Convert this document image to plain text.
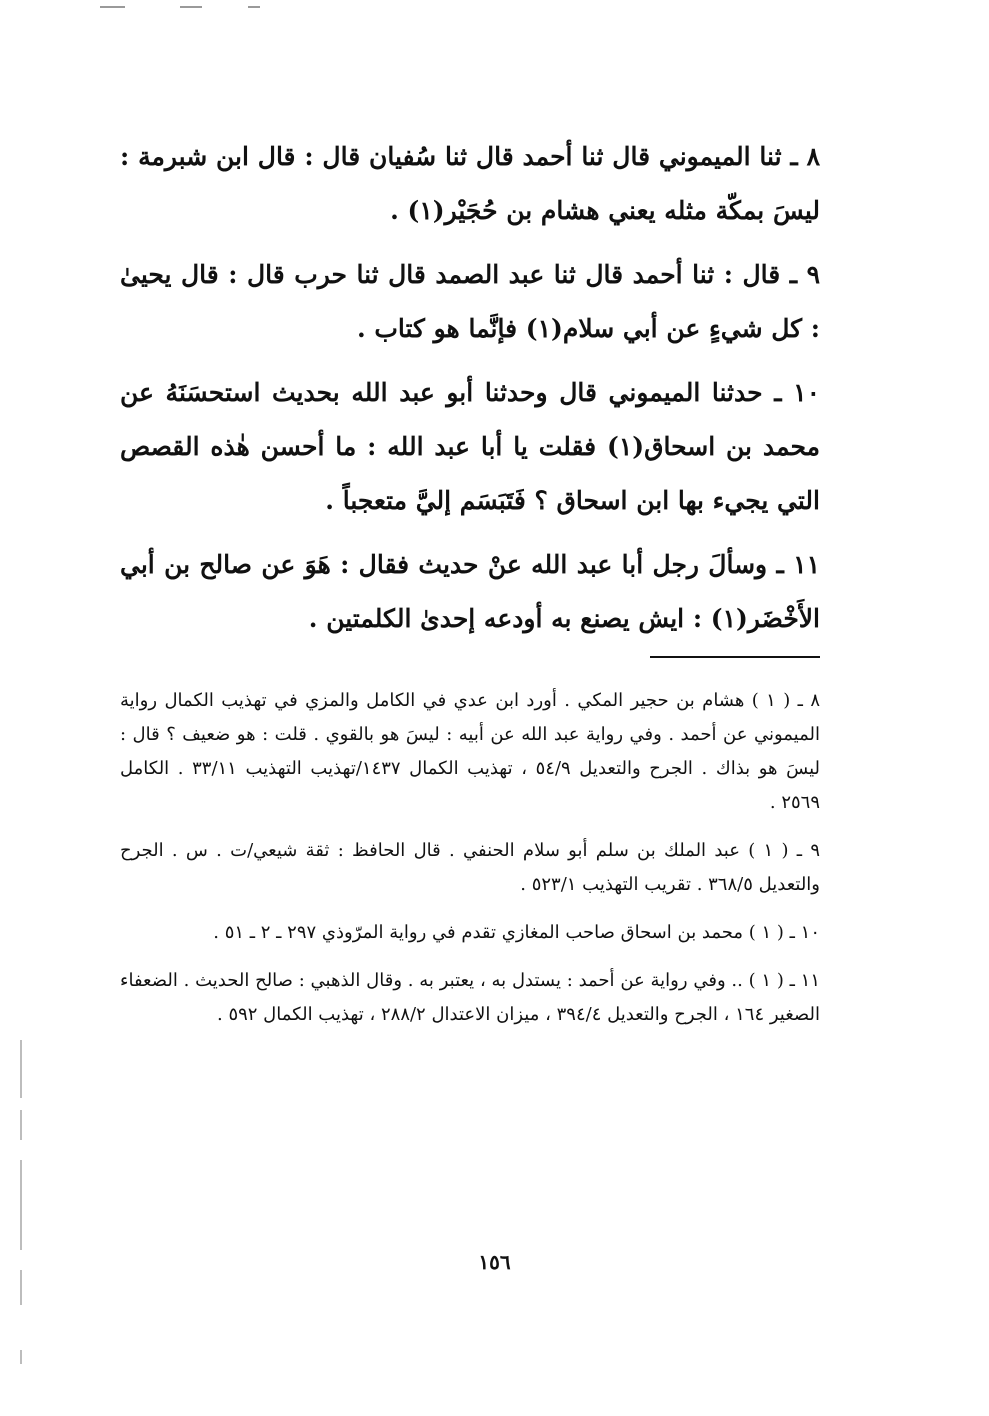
٨ ـ ثنا الميموني قال ثنا أحمد قال ثنا سُفيان قال : قال ابن شبرمة : ليسَ بمكّة مثله يعني هشام بن حُجَيْر(١) .

٩ ـ قال : ثنا أحمد قال ثنا عبد الصمد قال ثنا حرب قال : قال يحيىٰ : كل شيءٍ عن أبي سلام(١) فإنَّما هو كتاب .

١٠ ـ حدثنا الميموني قال وحدثنا أبو عبد الله بحديث استحسَنَهُ عن محمد بن اسحاق(١) فقلت يا أبا عبد الله : ما أحسن هٰذه القصص التي يجيء بها ابن اسحاق ؟ فَتَبَسَم إليَّ متعجباً .

١١ ـ وسألَ رجل أبا عبد الله عنْ حديث فقال : هَوَ عن صالح بن أبي الأَخْضَر(١) : ايش يصنع به أودعه إحدىٰ الكلمتين .

٨ ـ ( ١ ) هشام بن حجير المكي . أورد ابن عدي في الكامل والمزي في تهذيب الكمال رواية الميموني عن أحمد . وفي رواية عبد الله عن أبيه : ليسَ هو بالقوي . قلت : هو ضعيف ؟ قال : ليسَ هو بذاك . الجرح والتعديل ٥٤/٩ ، تهذيب الكمال ١٤٣٧/تهذيب التهذيب ٣٣/١١ . الكامل ٢٥٦٩ .

٩ ـ ( ١ ) عبد الملك بن سلم أبو سلام الحنفي . قال الحافظ : ثقة شيعي/ت . س . الجرح والتعديل ٣٦٨/٥ . تقريب التهذيب ٥٢٣/١ .

١٠ ـ ( ١ ) محمد بن اسحاق صاحب المغازي تقدم في رواية المرّوذي ٢٩٧ ـ ٢ ـ ٥١ .

١١ ـ ( ١ ) .. وفي رواية عن أحمد : يستدل به ، يعتبر به . وقال الذهبي : صالح الحديث . الضعفاء الصغير ١٦٤ ، الجرح والتعديل ٣٩٤/٤ ، ميزان الاعتدال ٢٨٨/٢ ، تهذيب الكمال ٥٩٢ .

١٥٦
